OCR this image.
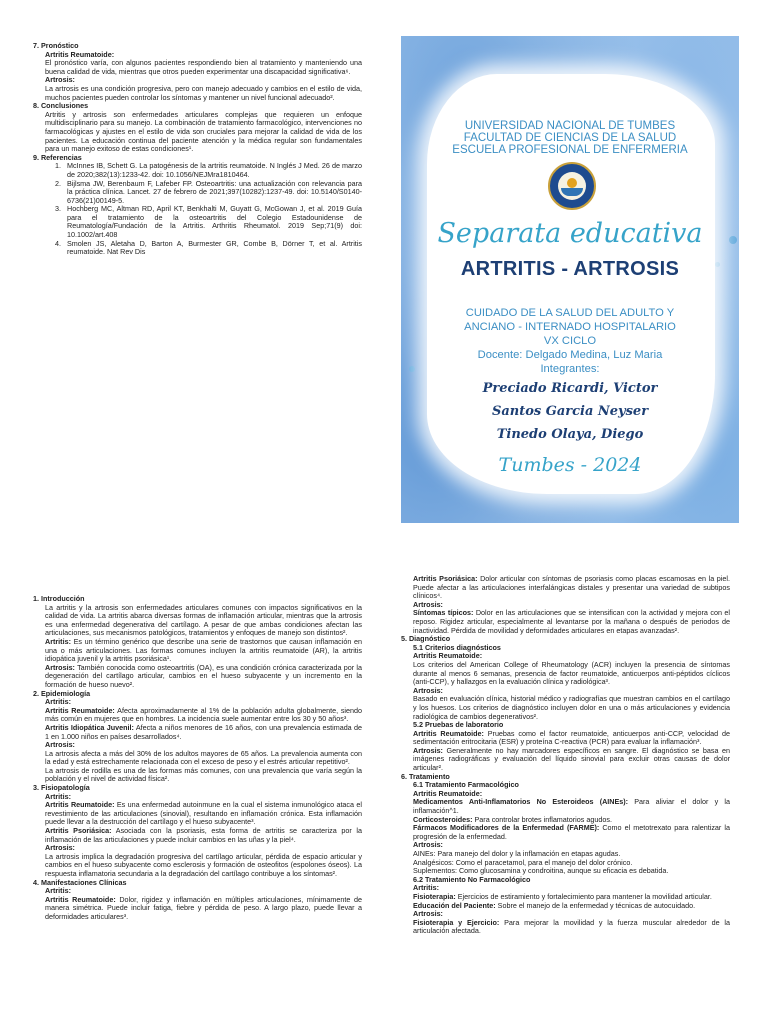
7. Pronóstico

Artritis Reumatoide:

El pronóstico varía, con algunos pacientes respondiendo bien al tratamiento y manteniendo una buena calidad de vida, mientras que otros pueden experimentar una discapacidad significativa⁶.

Artrosis:

La artrosis es una condición progresiva, pero con manejo adecuado y cambios en el estilo de vida, muchos pacientes pueden controlar los síntomas y mantener un nivel funcional adecuado².

8. Conclusiones

Artritis y artrosis son enfermedades articulares complejas que requieren un enfoque multidisciplinario para su manejo. La combinación de tratamiento farmacológico, intervenciones no farmacológicas y ajustes en el estilo de vida son cruciales para mejorar la calidad de vida de los pacientes. La educación continua del paciente atención y la médica regular son fundamentales para un manejo exitoso de estas condiciones¹.

9. Referencias

1. McInnes IB, Schett G. La patogénesis de la artritis reumatoide. N Inglés J Med. 26 de marzo de 2020;382(13):1233-42. doi: 10.1056/NEJMra1810464.
2. Bijlsma JW, Berenbaum F, Lafeber FP. Osteoartritis: una actualización con relevancia para la práctica clínica. Lancet. 27 de febrero de 2021;397(10282):1237-49. doi: 10.5140/S0140-6736(21)00149-5.
3. Hochberg MC, Altman RD, April KT, Benkhalti M, Guyatt G, McGowan J, et al. 2019 Guía para el tratamiento de la osteoartritis del Colegio Estadounidense de Reumatología/Fundación de la Artritis. Arthritis Rheumatol. 2019 Sep;71(9) doi: 10.1002/art.408
4. Smolen JS, Aletaha D, Barton A, Burmester GR, Combe B, Dörner T, et al. Artritis reumatoide. Nat Rev Dis
UNIVERSIDAD NACIONAL DE TUMBES
FACULTAD DE CIENCIAS DE LA SALUD
ESCUELA PROFESIONAL DE ENFERMERIA
Separata educativa
ARTRITIS - ARTROSIS
CUIDADO DE LA SALUD DEL ADULTO Y
ANCIANO - INTERNADO HOSPITALARIO
VX CICLO
Docente: Delgado Medina, Luz Maria
Integrantes:
Preciado Ricardi, Victor
Santos Garcia Neyser
Tinedo Olaya, Diego
Tumbes - 2024

1. Introducción

La artritis y la artrosis son enfermedades articulares comunes con impactos significativos en la calidad de vida. La artritis abarca diversas formas de inflamación articular, mientras que la artrosis es una enfermedad degenerativa del cartílago. A pesar de que ambas condiciones afectan las articulaciones, sus mecanismos patológicos, tratamientos y enfoques de manejo son distintos².

Artritis: Es un término genérico que describe una serie de trastornos que causan inflamación en una o más articulaciones. Las formas comunes incluyen la artritis reumatoide (AR), la artritis idiopática juvenil y la artritis psoriásica¹.

Artrosis: También conocida como osteoartritis (OA), es una condición crónica caracterizada por la degeneración del cartílago articular, cambios en el hueso subyacente y un incremento en la formación de hueso nuevo².

2. Epidemiología

Artritis:

Artritis Reumatoide: Afecta aproximadamente al 1% de la población adulta globalmente, siendo más común en mujeres que en hombres. La incidencia suele aumentar entre los 30 y 50 años³.

Artritis Idiopática Juvenil: Afecta a niños menores de 16 años, con una prevalencia estimada de 1 en 1.000 niños en países desarrollados⁴.

Artrosis:

La artrosis afecta a más del 30% de los adultos mayores de 65 años. La prevalencia aumenta con la edad y está estrechamente relacionada con el exceso de peso y el estrés articular repetitivo².

La artrosis de rodilla es una de las formas más comunes, con una prevalencia que varía según la población y el nivel de actividad física².

3. Fisiopatología

Artritis:

Artritis Reumatoide: Es una enfermedad autoinmune en la cual el sistema inmunológico ataca el revestimiento de las articulaciones (sinovial), resultando en inflamación crónica. Esta inflamación puede llevar a la destrucción del cartílago y el hueso subyacente³.

Artritis Psoriásica: Asociada con la psoriasis, esta forma de artritis se caracteriza por la inflamación de las articulaciones y puede incluir cambios en las uñas y la piel⁴.

Artrosis:

La artrosis implica la degradación progresiva del cartílago articular, pérdida de espacio articular y cambios en el hueso subyacente como esclerosis y formación de osteofitos (espolones óseos). La respuesta inflamatoria secundaria a la degradación del cartílago contribuye a los síntomas².

4. Manifestaciones Clínicas

Artritis:

Artritis Reumatoide: Dolor, rigidez y inflamación en múltiples articulaciones, mínimamente de manera simétrica. Puede incluir fatiga, fiebre y pérdida de peso. A largo plazo, puede llevar a deformidades articulares³.

Artritis Psoriásica: Dolor articular con síntomas de psoriasis como placas escamosas en la piel. Puede afectar a las articulaciones interfalángicas distales y presentar una variedad de subtipos clínicos⁴.

Artrosis:

Síntomas típicos: Dolor en las articulaciones que se intensifican con la actividad y mejora con el reposo. Rigidez articular, especialmente al levantarse por la mañana o después de periodos de inactividad. Pérdida de movilidad y deformidades articulares en etapas avanzadas².

5. Diagnóstico

5.1 Criterios diagnósticos

Artritis Reumatoide:

Los criterios del American College of Rheumatology (ACR) incluyen la presencia de síntomas durante al menos 6 semanas, presencia de factor reumatoide, anticuerpos anti-péptidos cíclicos (anti-CCP), y hallazgos en la evaluación clínica y radiológica³.

Artrosis:

Basado en evaluación clínica, historial médico y radiografías que muestran cambios en el cartílago y los huesos. Los criterios de diagnóstico incluyen dolor en una o más articulaciones y evidencia radiológica de cambios degenerativos².

5.2 Pruebas de laboratorio

Artritis Reumatoide: Pruebas como el factor reumatoide, anticuerpos anti-CCP, velocidad de sedimentación eritrocitaria (ESR) y proteína C-reactiva (PCR) para evaluar la inflamación³.

Artrosis: Generalmente no hay marcadores específicos en sangre. El diagnóstico se basa en imágenes radiográficas y evaluación del líquido sinovial para excluir otras causas de dolor articular².

6. Tratamiento

6.1 Tratamiento Farmacológico

Artritis Reumatoide:

Medicamentos Anti-Inflamatorios No Esteroideos (AINEs): Para aliviar el dolor y la inflamación^1.

Corticosteroides: Para controlar brotes inflamatorios agudos.

Fármacos Modificadores de la Enfermedad (FARME): Como el metotrexato para ralentizar la progresión de la enfermedad.

Artrosis:

AINEs: Para manejo del dolor y la inflamación en etapas agudas.

Analgésicos: Como el paracetamol, para el manejo del dolor crónico.

Suplementos: Como glucosamina y condroitina, aunque su eficacia es debatida.

6.2 Tratamiento No Farmacológico

Artritis:

Fisioterapia: Ejercicios de estiramiento y fortalecimiento para mantener la movilidad articular.

Educación del Paciente: Sobre el manejo de la enfermedad y técnicas de autocuidado.

Artrosis:

Fisioterapia y Ejercicio: Para mejorar la movilidad y la fuerza muscular alrededor de la articulación afectada.
